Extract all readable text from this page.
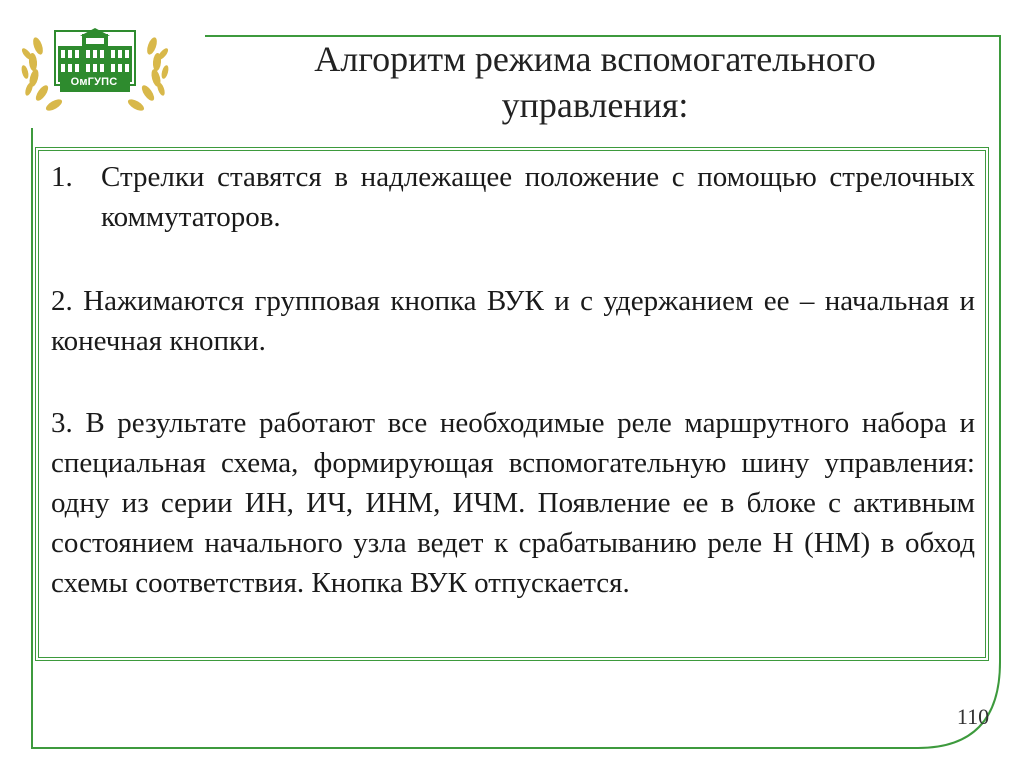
ОмГУПС
Алгоритм режима вспомогательного
управления:

1. Стрелки ставятся в надлежащее положение с помощью стрелочных коммутаторов.

2. Нажимаются групповая кнопка ВУК и с удержанием ее – начальная и конечная кнопки.

3. В результате работают все необходимые реле маршрутного набора и специальная схема, формирующая вспомогательную шину управления: одну из серии ИН, ИЧ, ИНМ, ИЧМ. Появление ее в блоке с активным состоянием начального узла ведет к срабатыванию реле Н (НМ) в обход схемы соответствия. Кнопка ВУК отпускается.

110
